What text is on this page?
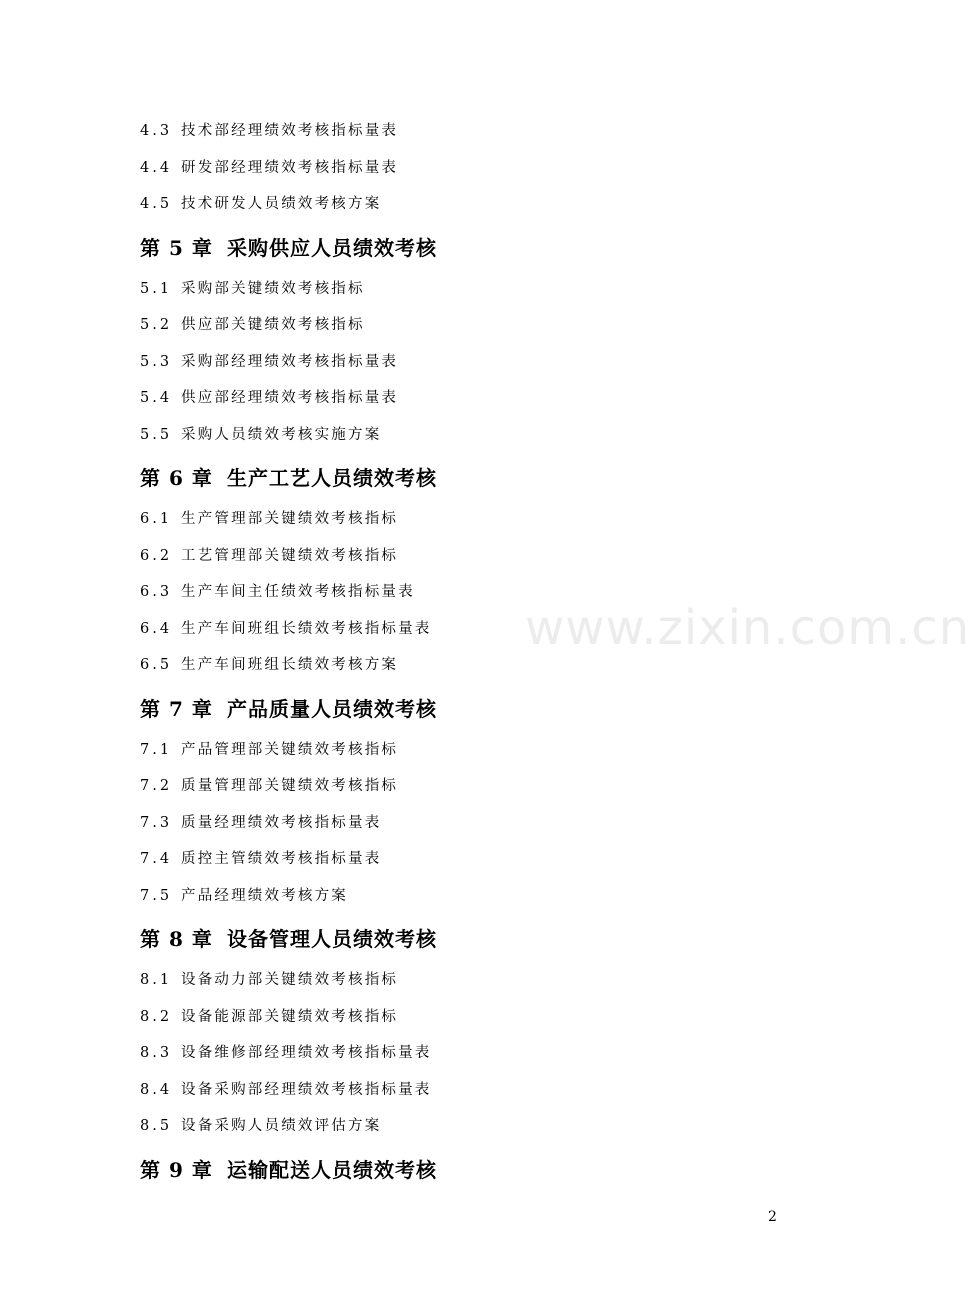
4.3 技术部经理绩效考核指标量表
4.4 研发部经理绩效考核指标量表
4.5 技术研发人员绩效考核方案
第 5 章 采购供应人员绩效考核
5.1 采购部关键绩效考核指标
5.2 供应部关键绩效考核指标
5.3 采购部经理绩效考核指标量表
5.4 供应部经理绩效考核指标量表
5.5 采购人员绩效考核实施方案
第 6 章 生产工艺人员绩效考核
6.1 生产管理部关键绩效考核指标
6.2 工艺管理部关键绩效考核指标
6.3 生产车间主任绩效考核指标量表
6.4 生产车间班组长绩效考核指标量表
6.5 生产车间班组长绩效考核方案
第 7 章 产品质量人员绩效考核
7.1 产品管理部关键绩效考核指标
7.2 质量管理部关键绩效考核指标
7.3 质量经理绩效考核指标量表
7.4 质控主管绩效考核指标量表
7.5 产品经理绩效考核方案
第 8 章 设备管理人员绩效考核
8.1 设备动力部关键绩效考核指标
8.2 设备能源部关键绩效考核指标
8.3 设备维修部经理绩效考核指标量表
8.4 设备采购部经理绩效考核指标量表
8.5 设备采购人员绩效评估方案
第 9 章 运输配送人员绩效考核
www.zixin.com.cn
2
